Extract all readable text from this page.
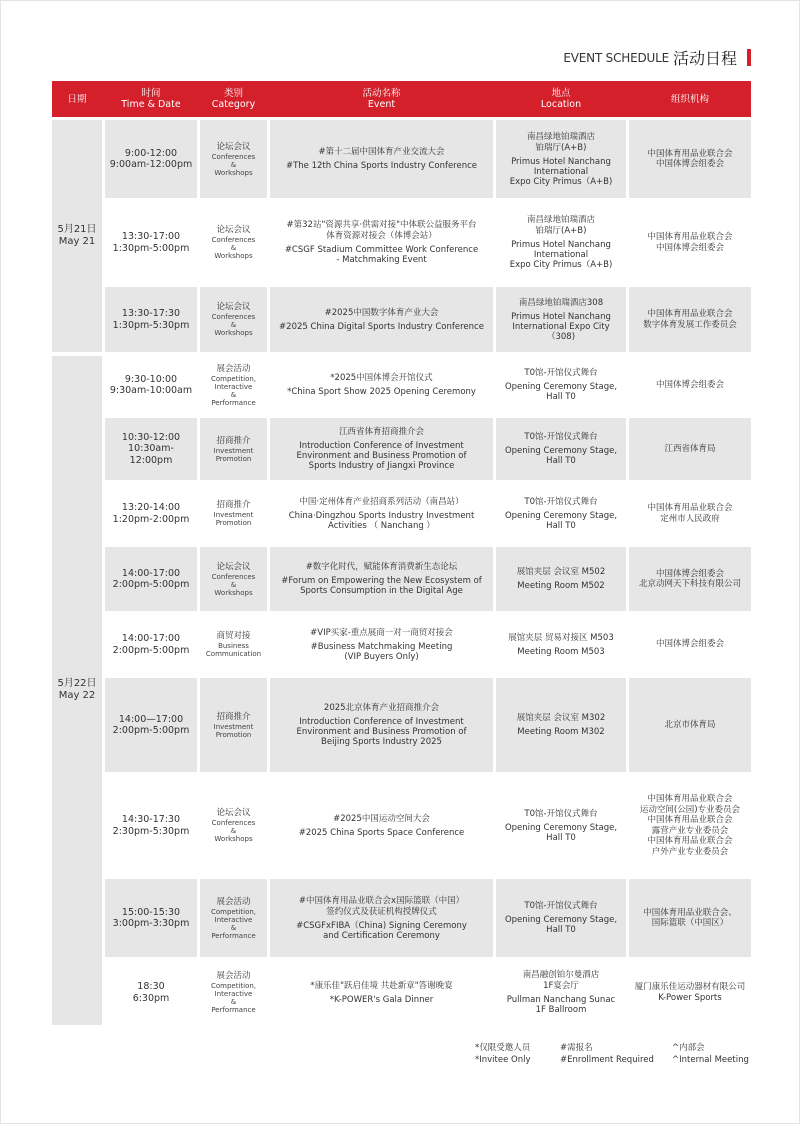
EVENT SCHEDULE 活动日程
日期	时间
Time & Date
类别
Category
活动名称
Event
地点
Location	组织机构
5月21日
May 21
9:00-12:00
9:00am-12:00pm
论坛会议
Conferences
&
Workshops
#第十二届中国体育产业交流大会
#The 12th China Sports Industry Conference
南昌绿地铂瑞酒店
铂瑞厅(A+B)
Primus Hotel Nanchang
International
Expo City Primus（A+B)
中国体育用品业联合会
中国体博会组委会
13:30-17:00
1:30pm-5:00pm
论坛会议
Conferences
&
Workshops
#第32站"资源共享·供需对接"中体联公益服务平台
体育资源对接会（体博会站）
#CSGF Stadium Committee Work Conference
- Matchmaking Event
南昌绿地铂瑞酒店
铂瑞厅(A+B)
Primus Hotel Nanchang
International
Expo City Primus（A+B)
中国体育用品业联合会
中国体博会组委会
13:30-17:30
1:30pm-5:30pm
论坛会议
Conferences
&
Workshops
#2025中国数字体育产业大会
#2025 China Digital Sports Industry Conference
南昌绿地铂瑞酒店308
Primus Hotel Nanchang
International Expo City（308)
中国体育用品业联合会
数字体育发展工作委员会
5月22日
May 22
9:30-10:00
9:30am-10:00am
展会活动
Competition,
Interactive
&
Performance
*2025中国体博会开馆仪式
*China Sport Show 2025 Opening Ceremony
T0馆-开馆仪式舞台
Opening Ceremony Stage,
Hall T0
中国体博会组委会
10:30-12:00
10:30am-12:00pm
招商推介
Investment
Promotion
江西省体育招商推介会
Introduction Conference of Investment
Environment and Business Promotion of
Sports Industry of Jiangxi Province
T0馆-开馆仪式舞台
Opening Ceremony Stage,
Hall T0
江西省体育局
13:20-14:00
1:20pm-2:00pm
招商推介
Investment
Promotion
中国·定州体育产业招商系列活动（南昌站）
China·Dingzhou Sports Industry Investment
Activities （ Nanchang ）
T0馆-开馆仪式舞台
Opening Ceremony Stage,
Hall T0
中国体育用品业联合会
定州市人民政府
14:00-17:00
2:00pm-5:00pm
论坛会议
Conferences
&
Workshops
#数字化时代，赋能体育消费新生态论坛
#Forum on Empowering the New Ecosystem of
Sports Consumption in the Digital Age
展馆夹层 会议室 M502
Meeting Room M502
中国体博会组委会
北京动网天下科技有限公司
14:00-17:00
2:00pm-5:00pm
商贸对接
Business
Communication
#VIP买家-重点展商一对一商贸对接会
#Business Matchmaking Meeting
(VIP Buyers Only)
展馆夹层 贸易对接区 M503
Meeting Room M503
中国体博会组委会
14:00—17:00
2:00pm-5:00pm
招商推介
Investment
Promotion
2025北京体育产业招商推介会
Introduction Conference of Investment
Environment and Business Promotion of
Beijing Sports Industry 2025
展馆夹层 会议室 M302
Meeting Room M302
北京市体育局
14:30-17:30
2:30pm-5:30pm
论坛会议
Conferences
&
Workshops
#2025中国运动空间大会
#2025 China Sports Space Conference
T0馆-开馆仪式舞台
Opening Ceremony Stage,
Hall T0
中国体育用品业联合会
运动空间(公园)专业委员会
中国体育用品业联合会
露营产业专业委员会
中国体育用品业联合会
户外产业专业委员会
15:00-15:30
3:00pm-3:30pm
展会活动
Competition,
Interactive
&
Performance
#中国体育用品业联合会x国际篮联（中国）
签约仪式及获证机构授牌仪式
#CSGFxFIBA（China) Signing Ceremony
and Certification Ceremony
T0馆-开馆仪式舞台
Opening Ceremony Stage,
Hall T0
中国体育用品业联合会、
国际篮联（中国区）
18:30
6:30pm
展会活动
Competition,
Interactive
&
Performance
*康乐佳"跃启佳境 共赴新章"答谢晚宴
*K-POWER's Gala Dinner
南昌融创铂尔曼酒店
1F宴会厅
Pullman Nanchang Sunac
1F Ballroom
厦门康乐佳运动器材有限公司
K-Power Sports
*仅限受邀人员
*Invitee Only
#需报名
#Enrollment Required
^内部会
^Internal Meeting
